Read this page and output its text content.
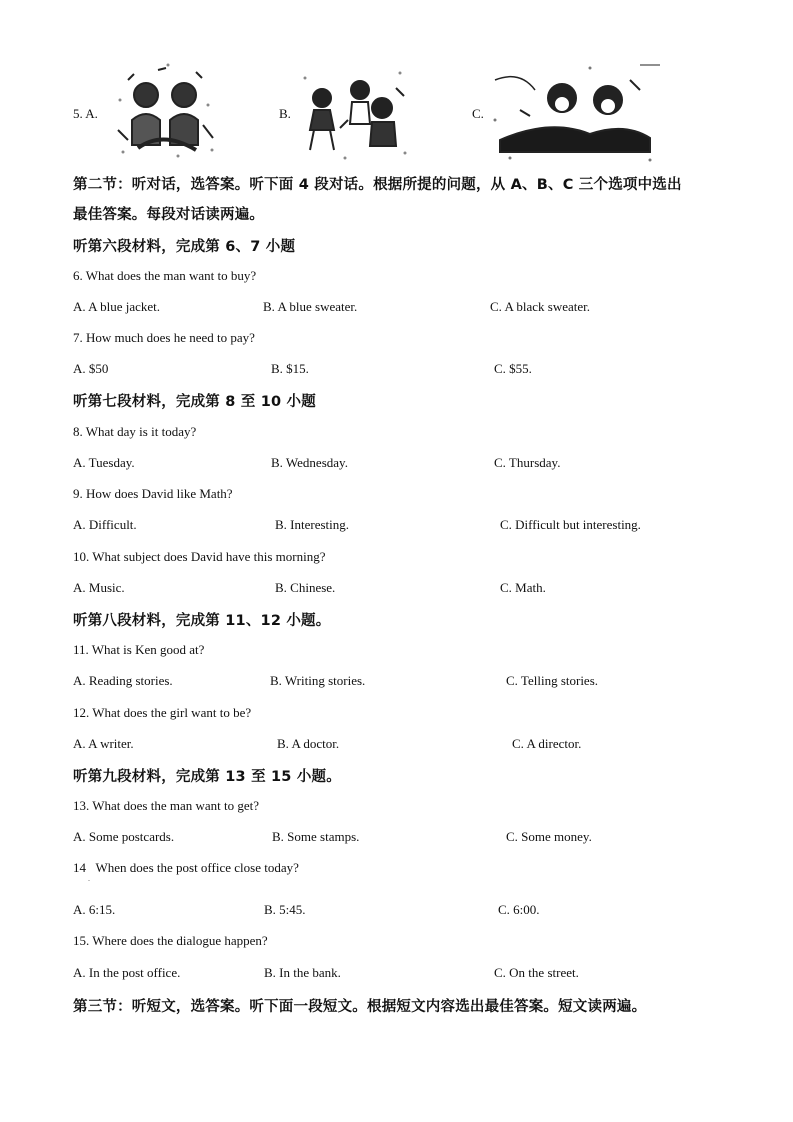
5. A.	B.	C.
第二节：听对话，选答案。听下面 4 段对话。根据所提的问题，从 A、B、C 三个选项中选出
最佳答案。每段对话读两遍。
听第六段材料，完成第 6、7 小题
6. What does the man want to buy?
A. A blue jacket.	B. A blue sweater.	C. A black sweater.
7. How much does he need to pay?
A. $50	B. $15.	C. $55.
听第七段材料，完成第 8 至 10 小题
8. What day is it today?
A. Tuesday.	B. Wednesday.	C. Thursday.
9. How does David like Math?
A. Difficult.	B. Interesting.	C. Difficult but interesting.
10. What subject does David have this morning?
A. Music.	B. Chinese.	C. Math.
听第八段材料，完成第 11、12 小题。
11. What is Ken good at?
A. Reading stories.	B. Writing stories.	C. Telling stories.
12. What does the girl want to be?
A. A writer.	B. A doctor.	C. A director.
听第九段材料，完成第 13 至 15 小题。
13. What does the man want to get?
A. Some postcards.	B. Some stamps.	C. Some money.
14   When does the post office close today?
.
A. 6:15.	B. 5:45.	C. 6:00.
15. Where does the dialogue happen?
A. In the post office.	B. In the bank.	C. On the street.
第三节：听短文，选答案。听下面一段短文。根据短文内容选出最佳答案。短文读两遍。
